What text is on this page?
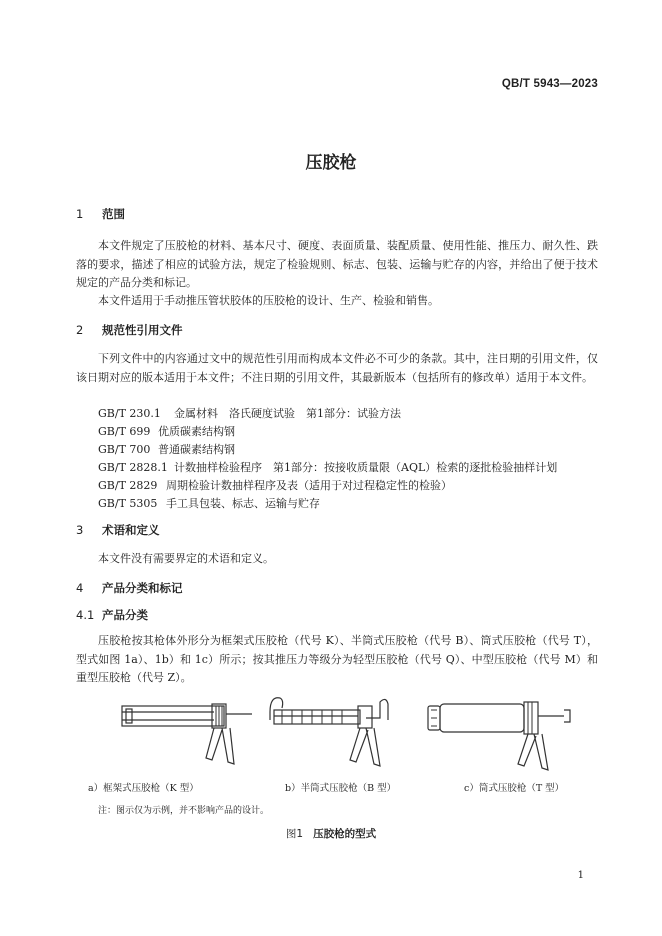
QB/T 5943—2023
压胶枪
1 范围
本文件规定了压胶枪的材料、基本尺寸、硬度、表面质量、装配质量、使用性能、推压力、耐久性、跌落的要求，描述了相应的试验方法，规定了检验规则、标志、包装、运输与贮存的内容，并给出了便于技术规定的产品分类和标记。
本文件适用于手动推压管状胶体的压胶枪的设计、生产、检验和销售。
2 规范性引用文件
下列文件中的内容通过文中的规范性引用而构成本文件必不可少的条款。其中，注日期的引用文件，仅该日期对应的版本适用于本文件；不注日期的引用文件，其最新版本（包括所有的修改单）适用于本文件。
GB/T 230.1 金属材料　洛氏硬度试验　第1部分：试验方法
GB/T 699 优质碳素结构钢
GB/T 700 普通碳素结构钢
GB/T 2828.1 计数抽样检验程序　第1部分：按接收质量限（AQL）检索的逐批检验抽样计划
GB/T 2829 周期检验计数抽样程序及表（适用于对过程稳定性的检验）
GB/T 5305 手工具包装、标志、运输与贮存
3 术语和定义
本文件没有需要界定的术语和定义。
4 产品分类和标记
4.1 产品分类
压胶枪按其枪体外形分为框架式压胶枪（代号 K）、半筒式压胶枪（代号 B）、筒式压胶枪（代号 T），型式如图 1a）、1b）和 1c）所示；按其推压力等级分为轻型压胶枪（代号 Q）、中型压胶枪（代号 M）和重型压胶枪（代号 Z）。
a）框架式压胶枪（K 型）	b）半筒式压胶枪（B 型）	c）筒式压胶枪（T 型）
注：图示仅为示例，并不影响产品的设计。
图1 压胶枪的型式
1
